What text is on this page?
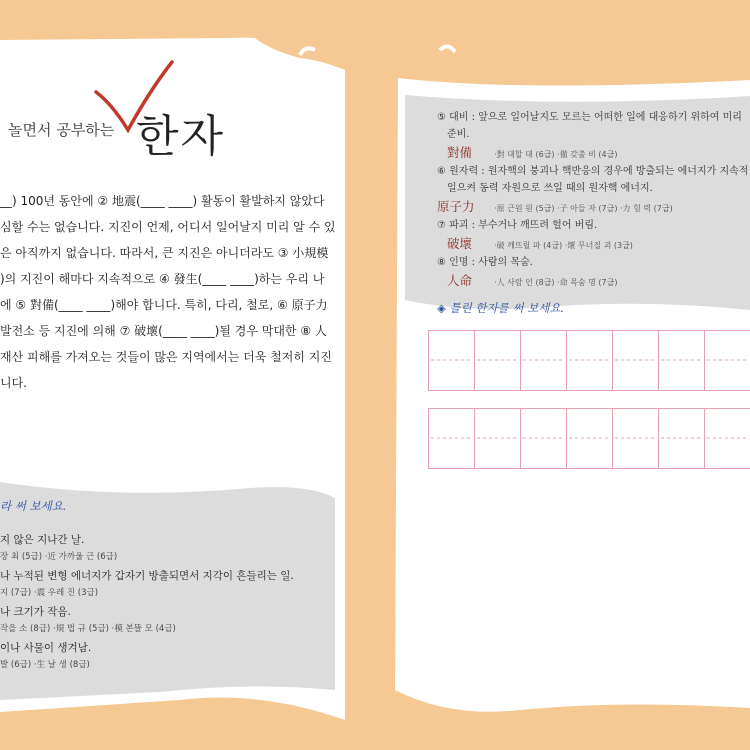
놀면서 공부하는 한자
__) 100년 동안에 ② 地震(____ ____) 활동이 활발하지 않았다
심할 수는 없습니다. 지진이 언제, 어디서 일어날지 미리 알 수 있
은 아직까지 없습니다. 따라서, 큰 지진은 아니더라도 ③ 小規模
)의 지진이 해마다 지속적으로 ④ 發生(____ ____)하는 우리 나
에 ⑤ 對備(____ ____)해야 합니다. 특히, 다리, 철로, ⑥ 原子力
발전소 등 지진에 의해 ⑦ 破壞(____ ____)될 경우 막대한 ⑧ 人
재산 피해를 가져오는 것들이 많은 지역에서는 더욱 철저히 지진
니다.
라 써 보세요.
지 않은 지나간 날.
장 최 (5급) ·近 가까울 근 (6급)
나 누적된 변형 에너지가 갑자기 방출되면서 지각이 흔들리는 일.
지 (7급) ·震 우레 진 (3급)
나 크기가 작음.
작을 소 (8급) ·規 법 규 (5급) ·模 본뜰 모 (4급)
이나 사물이 생겨남.
발 (6급) ·生 날 생 (8급)
⑤ 대비 : 앞으로 일어날지도 모르는 어떠한 일에 대응하기 위하여 미리
준비.
對備	·對 대할 대 (6급) ·備 갖출 비 (4급)
⑥ 원자력 : 원자핵의 붕괴나 핵반응의 경우에 방출되는 에너지가 지속적
일으켜 동력 자원으로 쓰일 때의 원자핵 에너지.
原子力 ·原 근원 원 (5급) ·子 아들 자 (7급) ·力 힘 력 (7급)
⑦ 파괴 : 부수거나 깨뜨려 헐어 버림.
破壞	·破 깨뜨릴 파 (4급) ·壞 무너질 괴 (3급)
⑧ 인명 : 사람의 목숨.
人命	·人 사람 인 (8급) ·命 목숨 명 (7급)
◈ 틀린 한자를 써 보세요.
